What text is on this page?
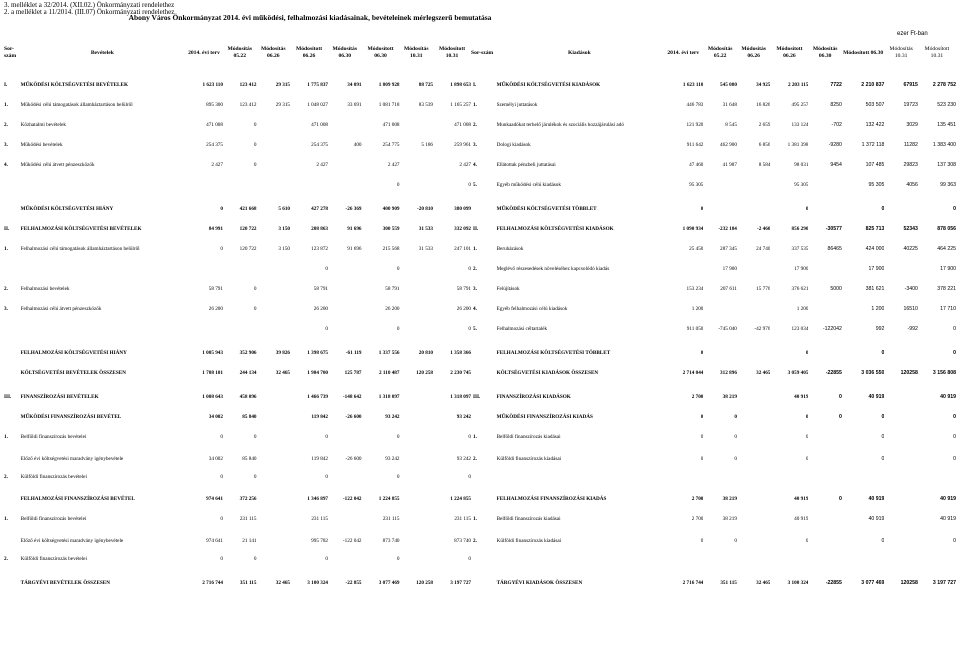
3. melléklet a 32/2014. (XII.02.) Önkormányzati rendelethez
2. a melléklet a 11/2014. (III.07) Önkormányzati rendelethez
Abony Város Önkormányzat 2014. évi működési, felhalmozási kiadásainak, bevételeinek mérlegszerű bemutatása
ezer Ft-ban
Sor-szám	Bevételek	2014. évi terv	Módosítás 05.22	Módosítás 06.26	Módosított 06.26	Módosítás 06.30	Módosított 06.30	Módosítás 10.31	Módosított 10.31	Sor-szám	Kiadások	2014. évi terv	Módosítás 05.22	Módosítás 06.26	Módosított 06.26	Módosítás 06.30	Módosított 06.30	Módosítás 10.31	Módosított 10.31
I.	MŰKÖDÉSI KÖLTSÉGVETÉSI BEVÉTELEK	1 623 110	123 412	29 315	1 775 837	34 091	1 809 928	88 725	1 898 653	I.	MŰKÖDÉSI KÖLTSÉGVETÉSI KIADÁSOK	1 623 110	545 080	34 925	2 203 115	7722	2 210 837	67915	2 278 752
1.	Működési célú támogatások államháztartáson belülről	895 300	123 412	29 315	1 048 027	33 691	1 081 718	83 539	1 165 257	1.	Személyi juttatások	446 783	31 648	16 826	495 257	8250	503 507	19723	523 230
2.	Közhatalmi bevételek	471 008	0		471 008		471 008		471 008	2.	Munkaadókat terhelő járulékok és szociális hozzájárulási adó	121 920	8 545	2 659	133 124	-702	132 422	3029	135 451
3.	Működési bevételek	254 375	0		254 375	400	254 775	5 186	259 961	3.	Dologi kiadások	911 642	462 900	6 856	1 381 398	-9280	1 372 118	11282	1 383 400
4.	Működési célú átvett pénzeszközök	2 427	0		2 427		2 427		2 427	4.	Ellátottak pénzbeli juttatásai	47 460	41 987	8 584	98 031	9454	107 485	29823	137 308
							0		0	5.	Egyéb működési célú kiadások	95 305			95 305		95 305	4056	99 363
	MŰKÖDÉSI KÖLTSÉGVETÉSI HIÁNY	0	421 668	5 610	427 278	-26 369	400 909	-20 810	380 099		MŰKÖDÉSI KÖLTSÉGVETÉSI TÖBBLET	0			0		0		0
II.	FELHALMOZÁSI KÖLTSÉGVETÉSI BEVÉTELEK	84 991	120 722	3 150	208 863	91 696	300 559	31 533	332 092	II.	FELHALMOZÁSI KÖLTSÉGVETÉSI KIADÁSOK	1 090 934	-232 184	-2 460	856 290	-30577	825 713	52343	878 056
1.	Felhalmozási célú támogatások államháztartáson belülről	0	120 722	3 150	123 872	91 696	215 568	31 533	247 101	1.	Beruházások	25 450	287 345	24 740	337 535	86465	424 000	40225	464 225
					0		0		0	2.	Meglévő részesedések növeléséhez kapcsolódó kiadás		17 900		17 900		17 900		17 900
2.	Felhalmozási bevételek	58 791	0		58 791		58 791		58 791	3.	Felújítások	153 234	207 611	15 776	376 621	5000	381 621	-3400	378 221
3.	Felhalmozási célú átvett pénzeszközök	26 200	0		26 200		26 200		26 200	4.	Egyéb felhalmozási célú kiadások	1 200			1 200		1 200	16510	17 710
					0		0		0	5.	Felhalmozási céltartalék	911 050	-745 040	-42 976	123 034	-122042	992	-992	0
	FELHALMOZÁSI KÖLTSÉGVETÉSI HIÁNY	1 005 943	352 906	39 826	1 398 675	-61 119	1 337 556	20 810	1 358 366		FELHALMOZÁSI KÖLTSÉGVETÉSI TÖBBLET	0			0		0		0
	KÖLTSÉGVETÉSI BEVÉTELEK ÖSSZESEN	1 708 101	244 134	32 465	1 984 700	125 787	2 110 487	120 258	2 230 745		KÖLTSÉGVETÉSI KIADÁSOK ÖSSZESEN	2 714 044	312 896	32 465	3 059 405	-22855	3 036 550	120258	3 156 808
III.	FINANSZÍROZÁSI BEVÉTELEK	1 008 643	458 096		1 466 739	-148 642	1 318 097		1 318 097	III.	FINANSZÍROZÁSI KIADÁSOK	2 700	38 219		40 919	0	40 919		40 919
	MŰKÖDÉSI FINANSZÍROZÁSI BEVÉTEL	34 002	85 840		119 842	-26 600	93 242		93 242		MŰKÖDÉSI FINANSZÍROZÁSI KIADÁS	0	0		0	0	0		0
1.	Belföldi finanszírozás bevételei	0	0		0		0		0	1.	Belföldi finanszírozás kiadásai	0	0		0		0		0
	Előző évi költségvetési maradvány igénybevétele	34 002	85 840		119 842	-26 600	93 242		93 242	2.	Külföldi finanszírozás kiadásai	0	0		0		0		0
2.	Külföldi finanszírozás bevételei	0	0		0		0		0										
	FELHALMOZÁSI FINANSZÍROZÁSI BEVÉTEL	974 641	372 256		1 346 897	-122 042	1 224 855		1 224 855		FELHALMOZÁSI FINANSZÍROZÁSI KIADÁS	2 700	38 219		40 919	0	40 919		40 919
1.	Belföldi finanszírozás bevételei	0	231 115		231 115		231 115		231 115	1.	Belföldi finanszírozás kiadásai	2 700	38 219		40 919		40 919		40 919
	Előző évi költségvetési maradvány igénybevétele	974 641	21 141		995 782	-122 042	873 740		873 740	2.	Külföldi finanszírozás kiadásai	0	0		0		0		0
2.	Külföldi finanszírozás bevételei	0	0		0		0		0										
	TÁRGYÉVI BEVÉTELEK ÖSSZESEN	2 716 744	351 115	32 465	3 100 324	-22 855	3 077 469	120 258	3 197 727		TÁRGYÉVI KIADÁSOK ÖSSZESEN	2 716 744	351 115	32 465	3 100 324	-22855	3 077 469	120258	3 197 727
